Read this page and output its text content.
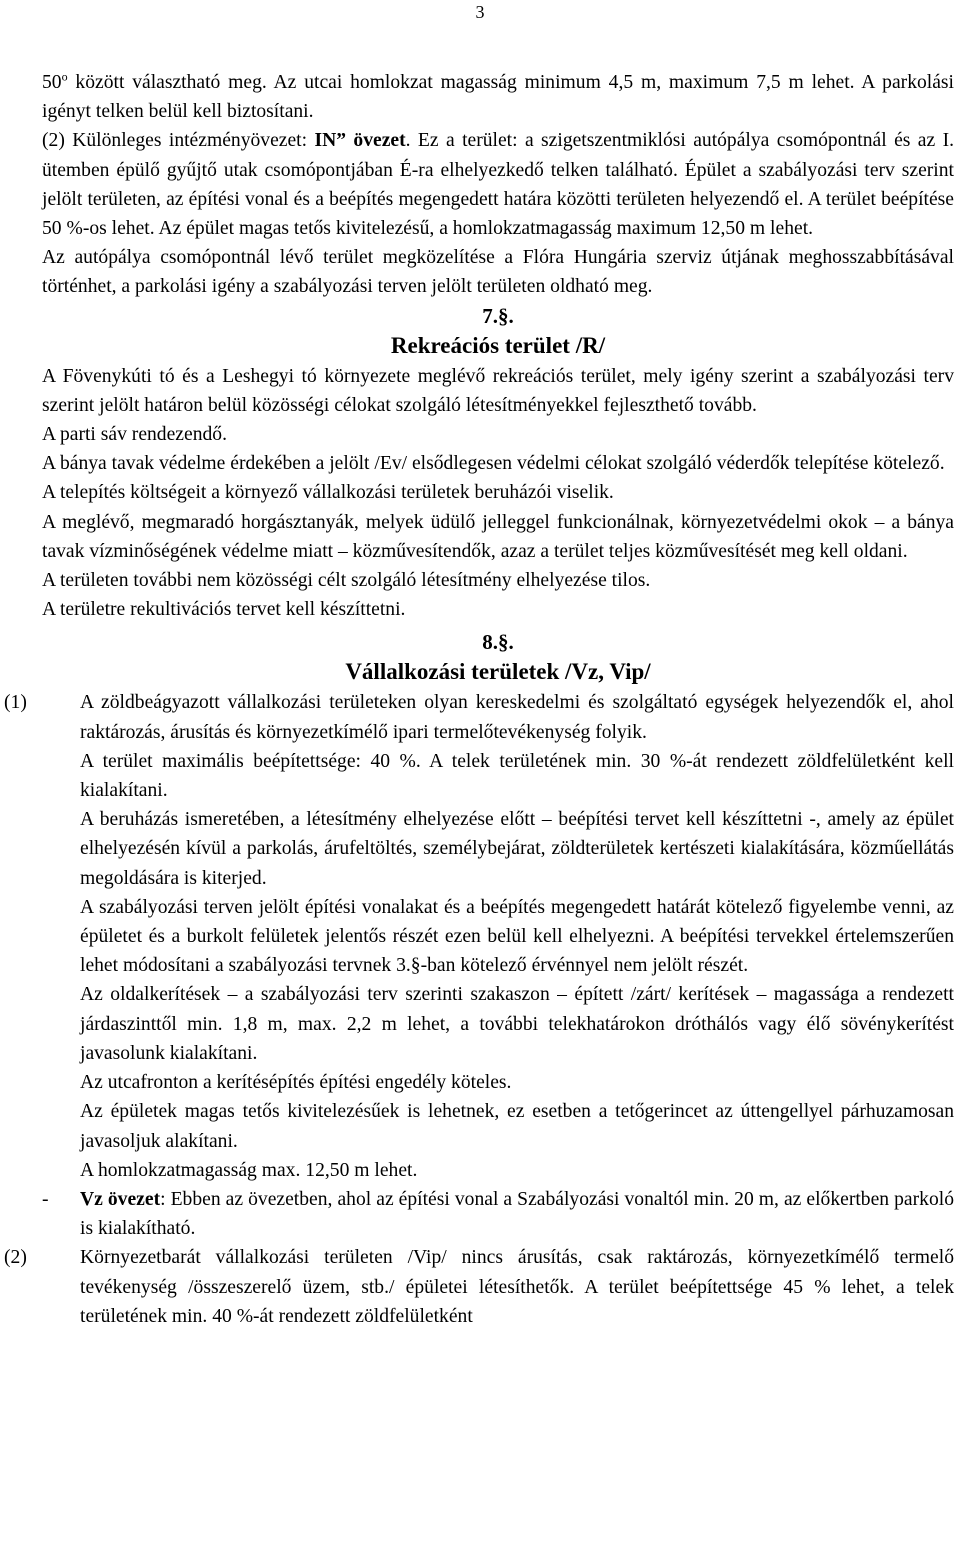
3

50$^o$ között választható meg. Az utcai homlokzat magasság minimum 4,5 m, maximum 7,5 m lehet. A parkolási igényt telken belül kell biztosítani.

(2) Különleges intézményövezet: IN” övezet. Ez a terület: a szigetszentmiklósi autópálya csomópontnál és az I. ütemben épülő gyűjtő utak csomópontjában É-ra elhelyezkedő telken található. Épület a szabályozási terv szerint jelölt területen, az építési vonal és a beépítés megengedett határa közötti területen helyezendő el. A terület beépítése 50 %-os lehet. Az épület magas tetős kivitelezésű, a homlokzatmagasság maximum 12,50 m lehet.

Az autópálya csomópontnál lévő terület megközelítése a Flóra Hungária szerviz útjának meghosszabbításával történhet, a parkolási igény a szabályozási terven jelölt területen oldható meg.

7.§.
Rekreációs terület /R/

A Fövenykúti tó és a Leshegyi tó környezete meglévő rekreációs terület, mely igény szerint a szabályozási terv szerint jelölt határon belül közösségi célokat szolgáló létesítményekkel fejleszthető tovább.

A parti sáv rendezendő.

A bánya tavak védelme érdekében a jelölt /Ev/ elsődlegesen védelmi célokat szolgáló véderdők telepítése kötelező.

A telepítés költségeit a környező vállalkozási területek beruházói viselik.

A meglévő, megmaradó horgásztanyák, melyek üdülő jelleggel funkcionálnak, környezetvédelmi okok – a bánya tavak vízminőségének védelme miatt – közművesítendők, azaz a terület teljes közművesítését meg kell oldani.

A területen további nem közösségi célt szolgáló létesítmény elhelyezése tilos.

A területre rekultivációs tervet kell készíttetni.

8.§.
Vállalkozási területek /Vz, Vip/
(1)	A zöldbeágyazott vállalkozási területeken olyan kereskedelmi és szolgáltató egységek helyezendők el, ahol raktározás, árusítás és környezetkímélő ipari termelőtevékenység folyik.

A terület maximális beépítettsége: 40 %. A telek területének min. 30 %-át rendezett zöldfelületként kell kialakítani.

A beruházás ismeretében, a létesítmény elhelyezése előtt – beépítési tervet kell készíttetni -, amely az épület elhelyezésén kívül a parkolás, árufeltöltés, személybejárat, zöldterületek kertészeti kialakítására, közműellátás megoldására is kiterjed.

A szabályozási terven jelölt építési vonalakat és a beépítés megengedett határát kötelező figyelembe venni, az épületet és a burkolt felületek jelentős részét ezen belül kell elhelyezni. A beépítési tervekkel értelemszerűen lehet módosítani a szabályozási tervnek 3.§-ban kötelező érvénnyel nem jelölt részét.

Az oldalkerítések – a szabályozási terv szerinti szakaszon – épített /zárt/ kerítések – magassága a rendezett járdaszinttől min. 1,8 m, max. 2,2 m lehet, a további telekhatárokon dróthálós vagy élő sövénykerítést javasolunk kialakítani.

Az utcafronton a kerítésépítés építési engedély köteles.

Az épületek magas tetős kivitelezésűek is lehetnek, ez esetben a tetőgerincet az úttengellyel párhuzamosan javasoljuk alakítani.

A homlokzatmagasság max. 12,50 m lehet.

-	Vz övezet: Ebben az övezetben, ahol az építési vonal a Szabályozási vonaltól min. 20 m, az előkertben parkoló is kialakítható.

(2)	Környezetbarát vállalkozási területen /Vip/ nincs árusítás, csak raktározás, környezetkímélő termelő tevékenység /összeszerelő üzem, stb./ épületei létesíthetők. A terület beépítettsége 45 % lehet, a telek területének min. 40 %-át rendezett zöldfelületként
